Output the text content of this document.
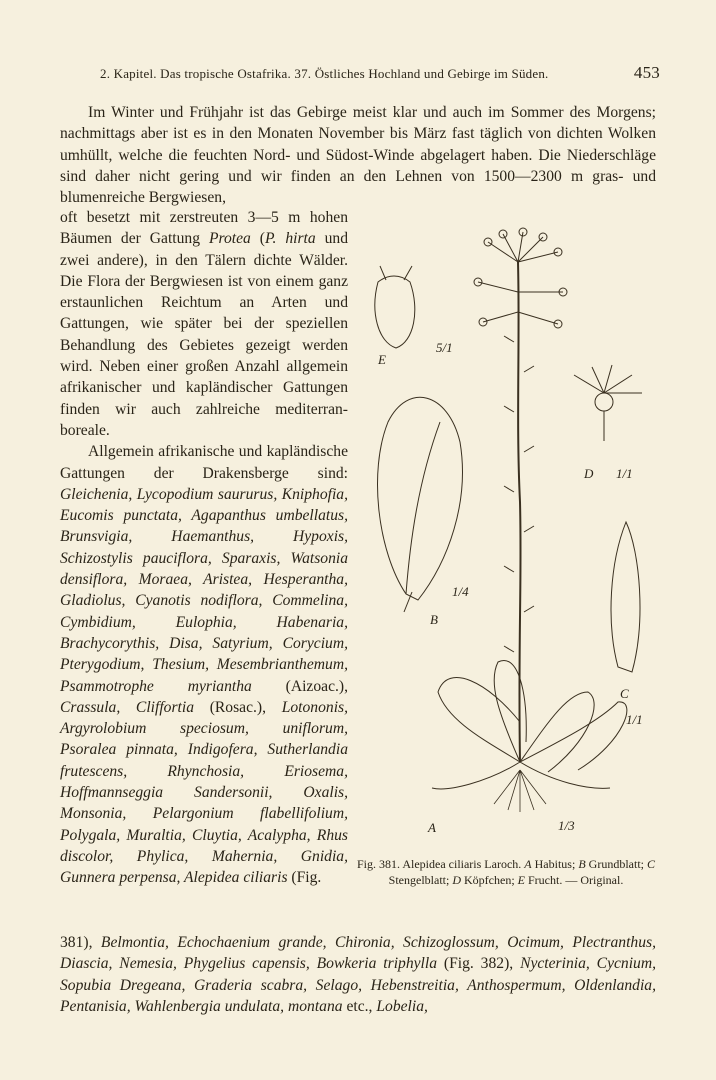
2. Kapitel. Das tropische Ostafrika. 37. Östliches Hochland und Gebirge im Süden.	453

Im Winter und Frühjahr ist das Gebirge meist klar und auch im Sommer des Morgens; nachmittags aber ist es in den Monaten November bis März fast täglich von dichten Wolken umhüllt, welche die feuchten Nord- und Südost-Winde abgelagert haben. Die Niederschläge sind daher nicht gering und wir finden an den Lehnen von 1500—2300 m gras- und blumenreiche Bergwiesen,

oft besetzt mit zerstreuten 3—5 m hohen Bäumen der Gattung Protea (P. hirta und zwei andere), in den Tälern dichte Wälder. Die Flora der Bergwiesen ist von einem ganz erstaunlichen Reichtum an Arten und Gattungen, wie später bei der speziellen Behandlung des Gebietes gezeigt werden wird. Neben einer großen Anzahl allgemein afrikanischer und kapländischer Gattungen finden wir auch zahlreiche mediterran-boreale.

Allgemein afrikanische und kapländische Gattungen der Drakensberge sind: Gleichenia, Lycopodium saururus, Kniphofia, Eucomis punctata, Agapanthus umbellatus, Brunsvigia, Haemanthus, Hypoxis, Schizostylis pauciflora, Sparaxis, Watsonia densiflora, Moraea, Aristea, Hesperantha, Gladiolus, Cyanotis nodiflora, Commelina, Cymbidium, Eulophia, Habenaria, Brachycorythis, Disa, Satyrium, Corycium, Pterygodium, Thesium, Mesembrianthemum, Psammotrophe myriantha (Aizoac.), Crassula, Cliffortia (Rosac.), Lotononis, Argyrolobium speciosum, uniflorum, Psoralea pinnata, Indigofera, Sutherlandia frutescens, Rhynchosia, Eriosema, Hoffmannseggia Sandersonii, Oxalis, Monsonia, Pelargonium flabellifolium, Polygala, Muraltia, Cluytia, Acalypha, Rhus discolor, Phylica, Mahernia, Gnidia, Gunnera perpensa, Alepidea ciliaris (Fig.

E
5/1
D 1/1
B
1/4
C
1/1
A	1/3
Fig. 381. Alepidea ciliaris Laroch. A Habitus; B Grundblatt; C Stengelblatt; D Köpfchen; E Frucht. — Original.

381), Belmontia, Echochaenium grande, Chironia, Schizoglossum, Ocimum, Plectranthus, Diascia, Nemesia, Phygelius capensis, Bowkeria triphylla (Fig. 382), Nycterinia, Cycnium, Sopubia Dregeana, Graderia scabra, Selago, Hebenstreitia, Anthospermum, Oldenlandia, Pentanisia, Wahlenbergia undulata, montana etc., Lobelia,
